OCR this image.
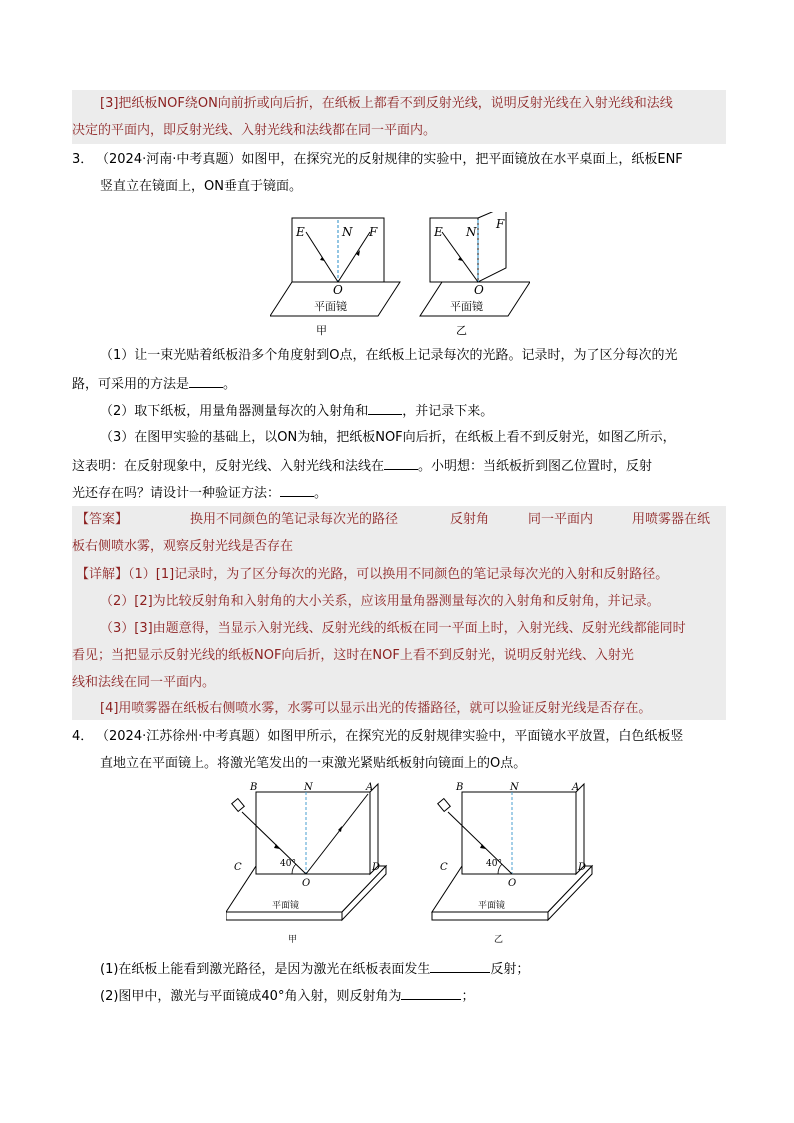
[3]把纸板NOF绕ON向前折或向后折，在纸板上都看不到反射光线，说明反射光线在入射光线和法线
决定的平面内，即反射光线、入射光线和法线都在同一平面内。
3． （2024·河南·中考真题）如图甲，在探究光的反射规律的实验中，把平面镜放在水平桌面上，纸板ENF
竖直立在镜面上，ON垂直于镜面。
E	N F
O
平面镜
甲
E N
F
O
平面镜
乙
（1）让一束光贴着纸板沿多个角度射到O点，在纸板上记录每次的光路。记录时，为了区分每次的光
路，可采用的方法是	。
（2）取下纸板，用量角器测量每次的入射角和	，并记录下来。
（3）在图甲实验的基础上，以ON为轴，把纸板NOF向后折，在纸板上看不到反射光，如图乙所示，
这表明：在反射现象中，反射光线、入射光线和法线在	。小明想：当纸板折到图乙位置时，反射
光还存在吗？请设计一种验证方法：	。
【答案】	换用不同颜色的笔记录每次光的路径	反射角	同一平面内	用喷雾器在纸
板右侧喷水雾，观察反射光线是否存在
【详解】（1）[1]记录时，为了区分每次的光路，可以换用不同颜色的笔记录每次光的入射和反射路径。
（2）[2]为比较反射角和入射角的大小关系，应该用量角器测量每次的入射角和反射角，并记录。
（3）[3]由题意得，当显示入射光线、反射光线的纸板在同一平面上时，入射光线、反射光线都能同时
看见；当把显示反射光线的纸板NOF向后折，这时在NOF上看不到反射光，说明反射光线、入射光
线和法线在同一平面内。
[4]用喷雾器在纸板右侧喷水雾，水雾可以显示出光的传播路径，就可以验证反射光线是否存在。
4． （2024·江苏徐州·中考真题）如图甲所示，在探究光的反射规律实验中，平面镜水平放置，白色纸板竖
直地立在平面镜上。将激光笔发出的一束激光紧贴纸板射向镜面上的O点。
40°
B	N	A
C
O
D
平面镜
甲
40°
B	N	A
C
O
D
平面镜
乙
(1)在纸板上能看到激光路径，是因为激光在纸板表面发生	反射；
(2)图甲中，激光与平面镜成40°角入射，则反射角为	；
